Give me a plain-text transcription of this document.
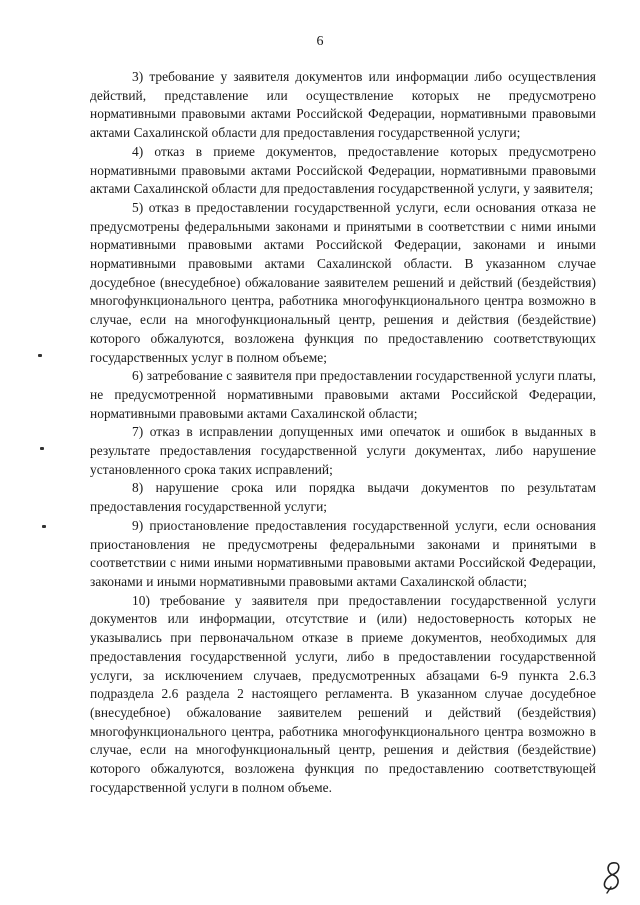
6

3) требование у заявителя документов или информации либо осуществления действий, представление или осуществление которых не предусмотрено нормативными правовыми актами Российской Федерации, нормативными правовыми актами Сахалинской области для предоставления государственной услуги;

4) отказ в приеме документов, предоставление которых предусмотрено нормативными правовыми актами Российской Федерации, нормативными правовыми актами Сахалинской области для предоставления государственной услуги, у заявителя;

5) отказ в предоставлении государственной услуги, если основания отказа не предусмотрены федеральными законами и принятыми в соответствии с ними иными нормативными правовыми актами Российской Федерации, законами и иными нормативными правовыми актами Сахалинской области. В указанном случае досудебное (внесудебное) обжалование заявителем решений и действий (бездействия) многофункционального центра, работника многофункционального центра возможно в случае, если на многофункциональный центр, решения и действия (бездействие) которого обжалуются, возложена функция по предоставлению соответствующих государственных услуг в полном объеме;

6) затребование с заявителя при предоставлении государственной услуги платы, не предусмотренной нормативными правовыми актами Российской Федерации, нормативными правовыми актами Сахалинской области;

7) отказ в исправлении допущенных ими опечаток и ошибок в выданных в результате предоставления государственной услуги документах, либо нарушение установленного срока таких исправлений;

8) нарушение срока или порядка выдачи документов по результатам предоставления государственной услуги;

9) приостановление предоставления государственной услуги, если основания приостановления не предусмотрены федеральными законами и принятыми в соответствии с ними иными нормативными правовыми актами Российской Федерации, законами и иными нормативными правовыми актами Сахалинской области;

10) требование у заявителя при предоставлении государственной услуги документов или информации, отсутствие и (или) недостоверность которых не указывались при первоначальном отказе в приеме документов, необходимых для предоставления государственной услуги, либо в предоставлении государственной услуги, за исключением случаев, предусмотренных абзацами 6-9 пункта 2.6.3 подраздела 2.6 раздела 2 настоящего регламента. В указанном случае досудебное (внесудебное) обжалование заявителем решений и действий (бездействия) многофункционального центра, работника многофункционального центра возможно в случае, если на многофункциональный центр, решения и действия (бездействие) которого обжалуются, возложена функция по предоставлению соответствующей государственной услуги в полном объеме.
